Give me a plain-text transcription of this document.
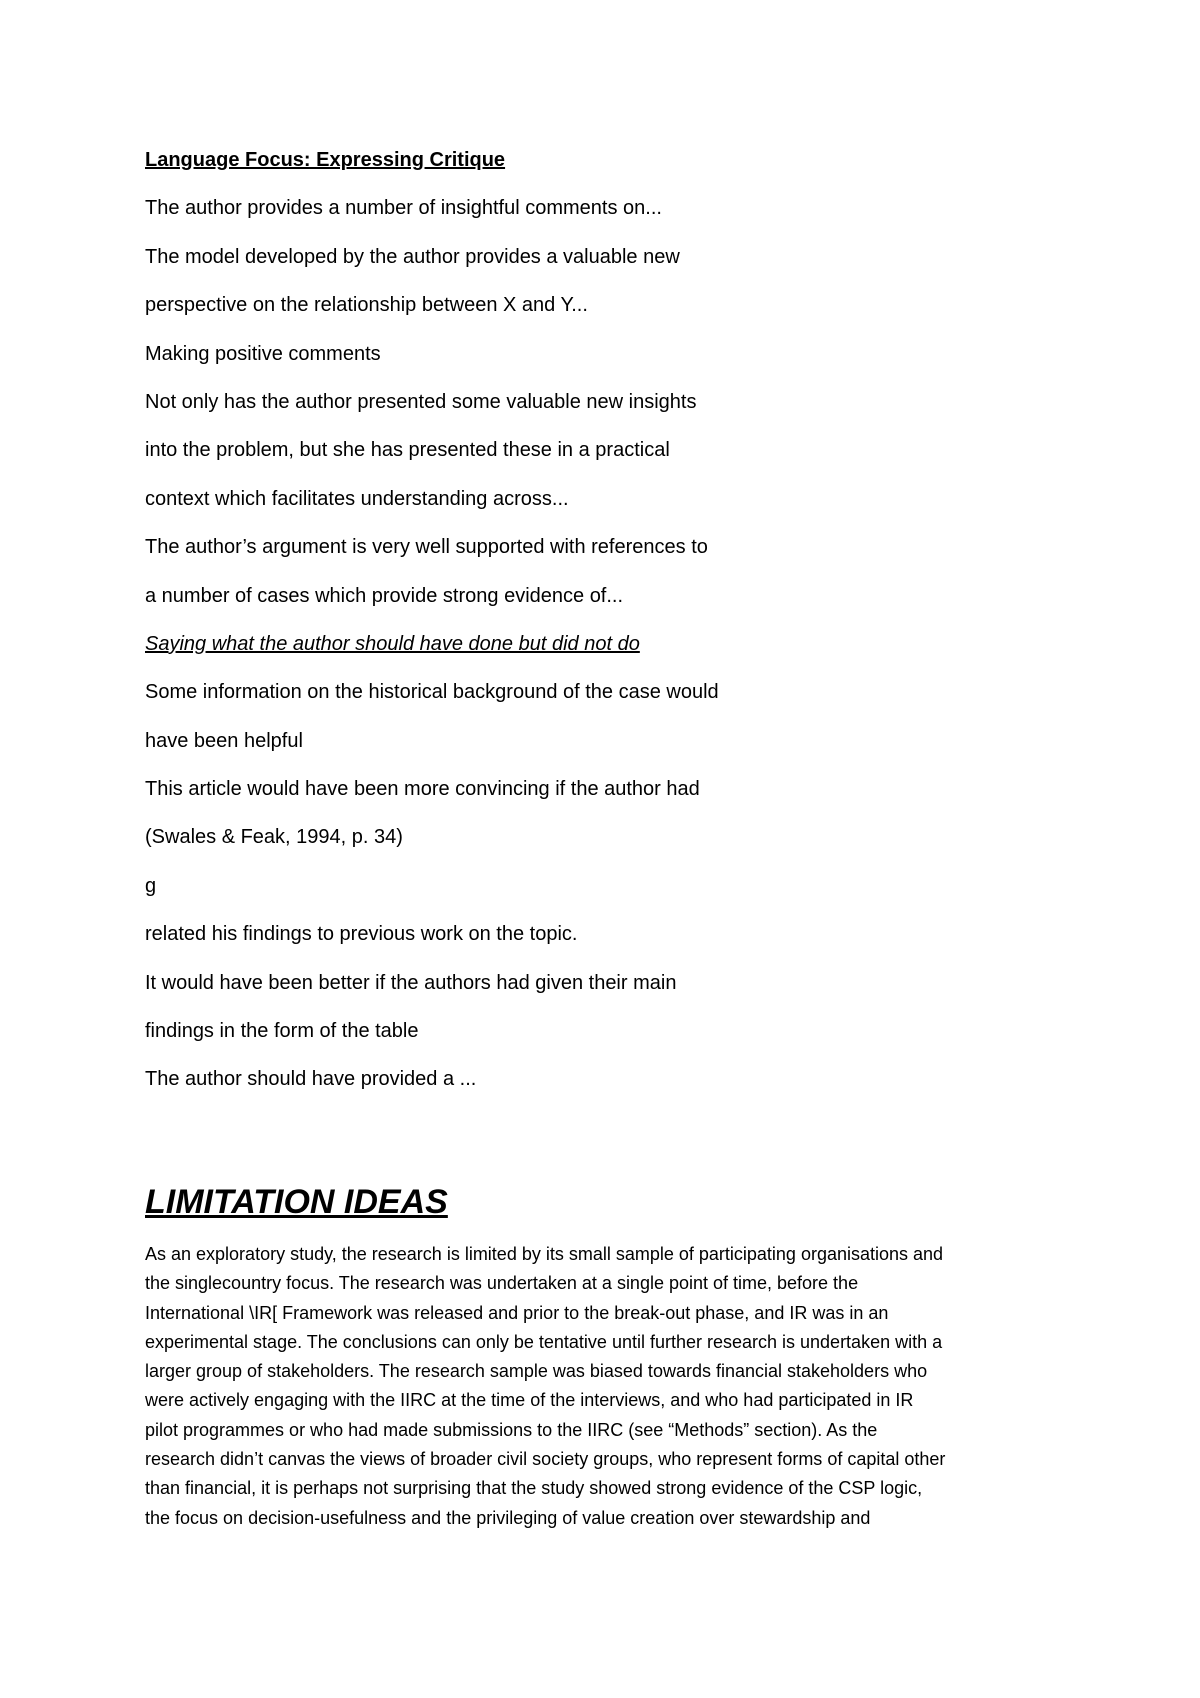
Language Focus: Expressing Critique
The author provides a number of insightful comments on...
The model developed by the author provides a valuable new
perspective on the relationship between X and Y...
Making positive comments
Not only has the author presented some valuable new insights
into the problem, but she has presented these in a practical
context which facilitates understanding across...
The author’s argument is very well supported with references to
a number of cases which provide strong evidence of...
Saying what the author should have done but did not do
Some information on the historical background of the case would
have been helpful
This article would have been more convincing if the author had
(Swales & Feak, 1994, p. 34)
g
related his findings to previous work on the topic.
It would have been better if the authors had given their main
findings in the form of the table
The author should have provided a ...
LIMITATION IDEAS

As an exploratory study, the research is limited by its small sample of participating organisations and

the singlecountry focus. The research was undertaken at a single point of time, before the

International \IR[ Framework was released and prior to the break-out phase, and IR was in an

experimental stage. The conclusions can only be tentative until further research is undertaken with a

larger group of stakeholders. The research sample was biased towards financial stakeholders who

were actively engaging with the IIRC at the time of the interviews, and who had participated in IR

pilot programmes or who had made submissions to the IIRC (see “Methods” section). As the

research didn’t canvas the views of broader civil society groups, who represent forms of capital other

than financial, it is perhaps not surprising that the study showed strong evidence of the CSP logic,

the focus on decision-usefulness and the privileging of value creation over stewardship and
